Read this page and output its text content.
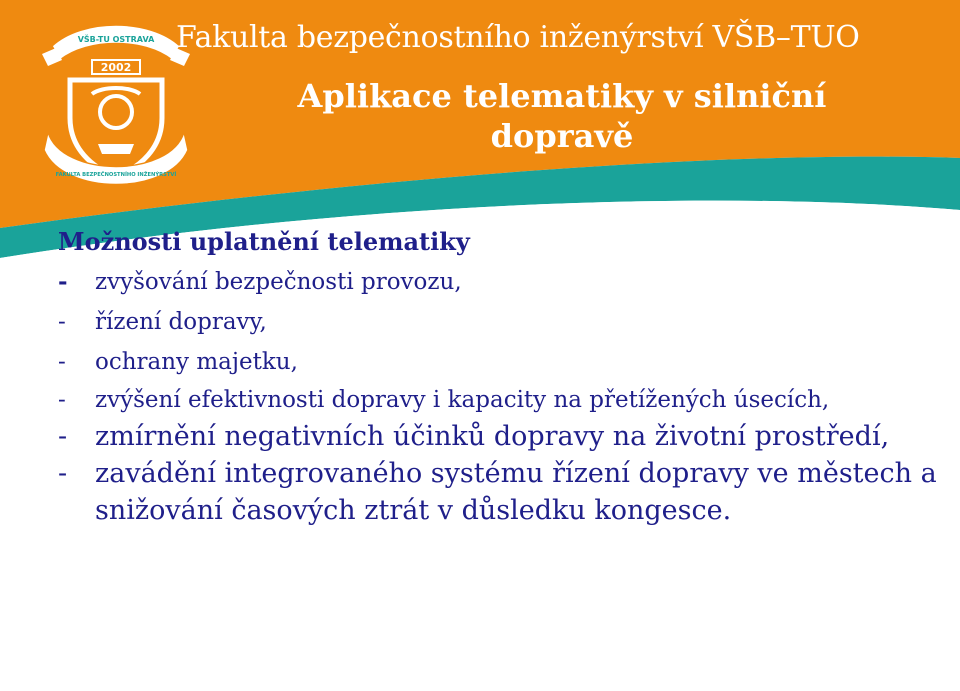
2002
VŠB-TU OSTRAVA
FAKULTA BEZPEČNOSTNÍHO INŽENÝRSTVÍ
Fakulta bezpečnostního inženýrství VŠB–TUO
Aplikace telematiky v silniční dopravě
Možnosti uplatnění telematiky
- zvyšování bezpečnosti provozu,
- řízení dopravy,
- ochrany majetku,
- zvýšení efektivnosti dopravy i kapacity na přetížených úsecích,
- zmírnění negativních účinků dopravy na životní prostředí,
- zavádění integrovaného systému řízení dopravy ve městech a snižování časových ztrát v důsledku kongesce.
